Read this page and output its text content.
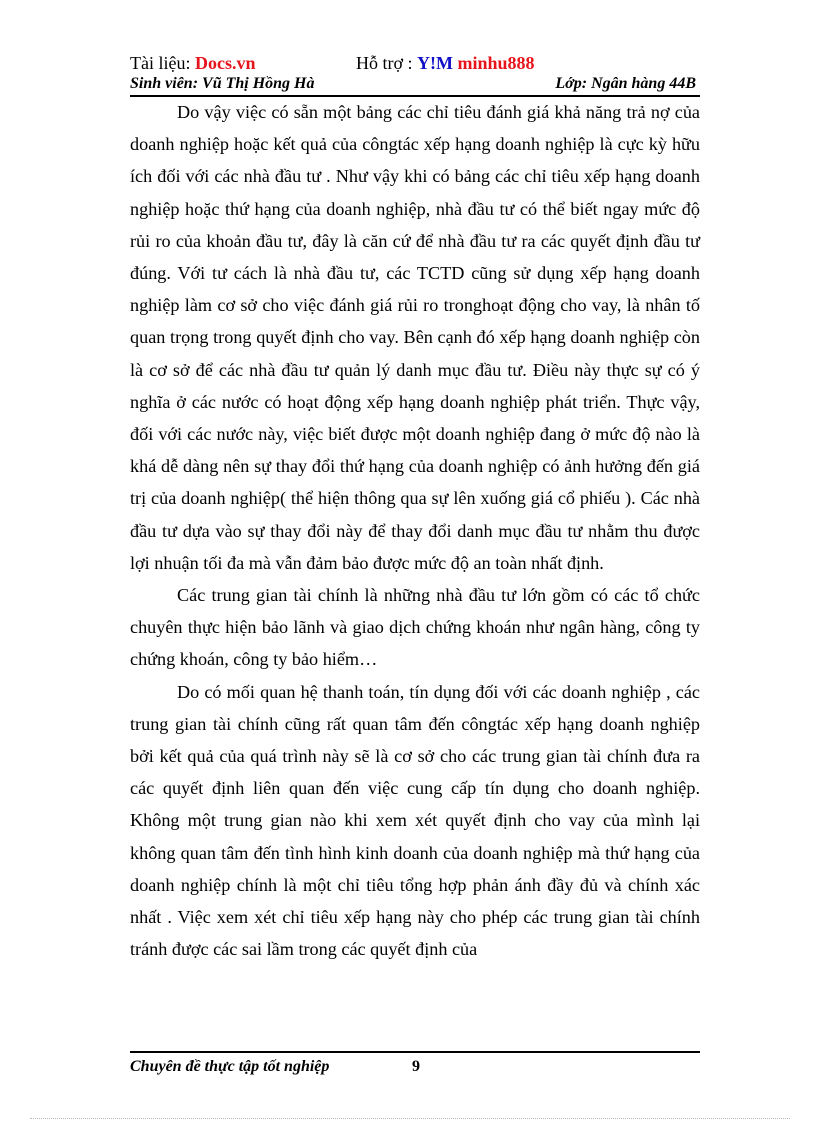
Tài liệu: Docs.vn	Hỗ trợ : Y!M minhu888
Sinh viên: Vũ Thị Hồng Hà	Lớp: Ngân hàng 44B

Do vậy việc có sẵn một bảng các chỉ tiêu đánh giá khả năng trả nợ của doanh nghiệp hoặc kết quả của côngtác xếp hạng doanh nghiệp là cực kỳ hữu ích đối với các nhà đầu tư . Như vậy khi có bảng các chỉ tiêu xếp hạng doanh nghiệp hoặc thứ hạng của doanh nghiệp, nhà đầu tư có thể biết ngay mức độ rủi ro của khoản đầu tư, đây là căn cứ để nhà đầu tư ra các quyết định đầu tư đúng. Với tư cách là nhà đầu tư, các TCTD cũng sử dụng xếp hạng doanh nghiệp làm cơ sở cho việc đánh giá rủi ro tronghoạt động cho vay, là nhân tố quan trọng trong quyết định cho vay. Bên cạnh đó xếp hạng doanh nghiệp còn là cơ sở để các nhà đầu tư quản lý danh mục đầu tư. Điều này thực sự có ý nghĩa ở các nước có hoạt động xếp hạng doanh nghiệp phát triển. Thực vậy, đối với các nước này, việc biết được một doanh nghiệp đang ở mức độ nào là khá dễ dàng nên sự thay đổi thứ hạng của doanh nghiệp có ảnh hưởng đến giá trị của doanh nghiệp( thể hiện thông qua sự lên xuống giá cổ phiếu ). Các nhà đầu tư dựa vào sự thay đổi này để thay đổi danh mục đầu tư nhằm thu được lợi nhuận tối đa mà vẫn đảm bảo được mức độ an toàn nhất định.

Các trung gian tài chính là những nhà đầu tư lớn gồm có các tổ chức chuyên thực hiện bảo lãnh và giao dịch chứng khoán như ngân hàng, công ty chứng khoán, công ty bảo hiểm…

Do có mối quan hệ thanh toán, tín dụng đối với các doanh nghiệp , các trung gian tài chính cũng rất quan tâm đến côngtác xếp hạng doanh nghiệp bởi kết quả của quá trình này sẽ là cơ sở cho các trung gian tài chính đưa ra các quyết định liên quan đến việc cung cấp tín dụng cho doanh nghiệp. Không một trung gian nào khi xem xét quyết định cho vay của mình lại không quan tâm đến tình hình kinh doanh của doanh nghiệp mà thứ hạng của doanh nghiệp chính là một chỉ tiêu tổng hợp phản ánh đầy đủ và chính xác nhất . Việc xem xét chỉ tiêu xếp hạng này cho phép các trung gian tài chính tránh được các sai lầm trong các quyết định của

Chuyên đề thực tập tốt nghiệp	9
